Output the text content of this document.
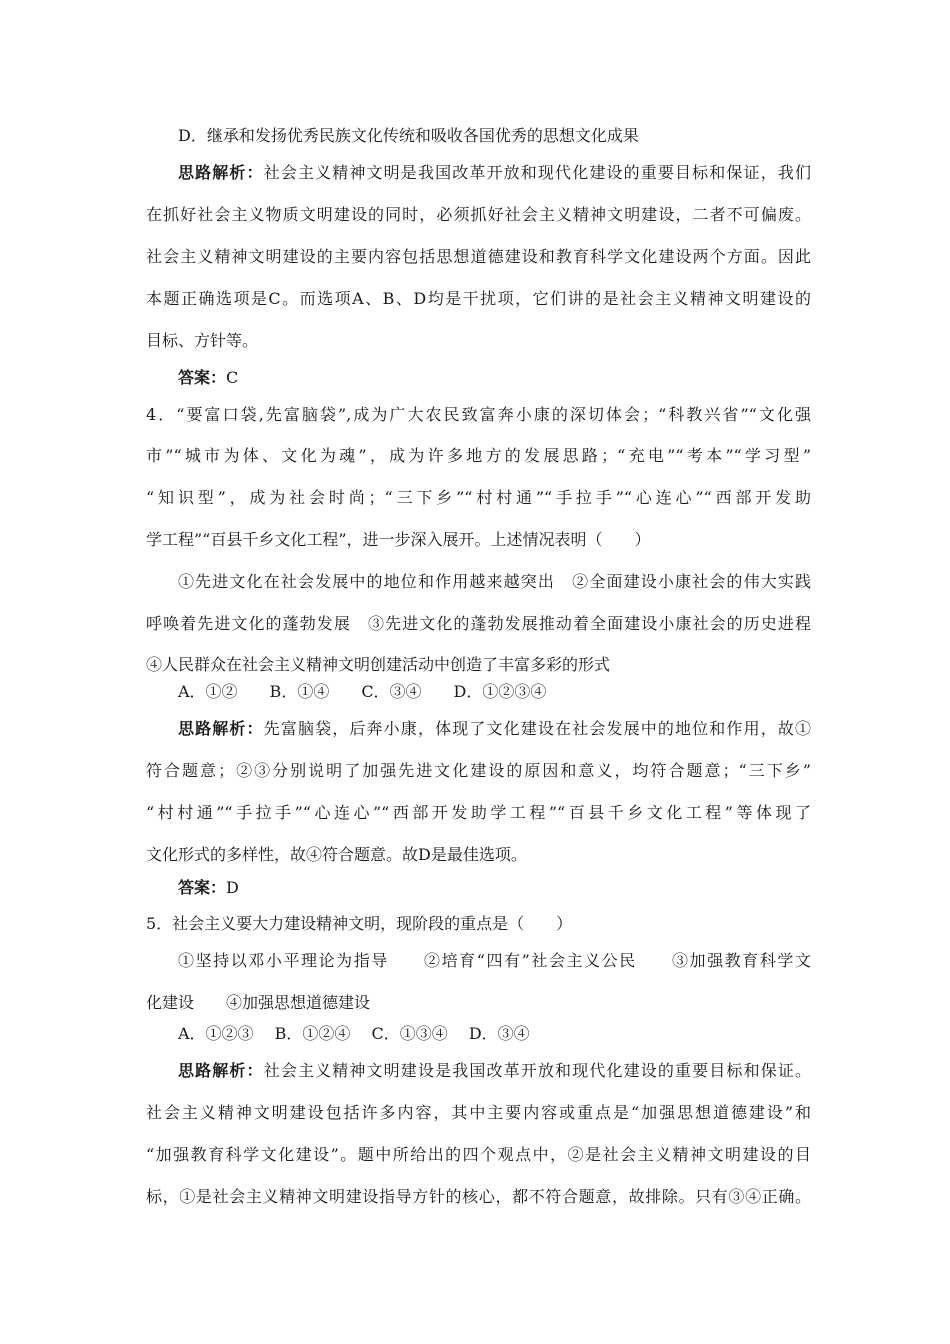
D．继承和发扬优秀民族文化传统和吸收各国优秀的思想文化成果
思路解析：社会主义精神文明是我国改革开放和现代化建设的重要目标和保证，我们
在抓好社会主义物质文明建设的同时，必须抓好社会主义精神文明建设，二者不可偏废。
社会主义精神文明建设的主要内容包括思想道德建设和教育科学文化建设两个方面。因此
本题正确选项是C。而选项A、B、D均是干扰项，它们讲的是社会主义精神文明建设的
目标、方针等。
答案：C
4．“要富口袋,先富脑袋”,成为广大农民致富奔小康的深切体会；“科教兴省”“文化强
市”“城市为体、文化为魂”，成为许多地方的发展思路；“充电”“考本”“学习型”
“知识型”，成为社会时尚；“三下乡”“村村通”“手拉手”“心连心”“西部开发助
学工程”“百县千乡文化工程”，进一步深入展开。上述情况表明（　　）
①先进文化在社会发展中的地位和作用越来越突出　②全面建设小康社会的伟大实践
呼唤着先进文化的蓬勃发展　③先进文化的蓬勃发展推动着全面建设小康社会的历史进程
④人民群众在社会主义精神文明创建活动中创造了丰富多彩的形式
A．①②　　B．①④　　C．③④　　D．①②③④
思路解析：先富脑袋，后奔小康，体现了文化建设在社会发展中的地位和作用，故①
符合题意；②③分别说明了加强先进文化建设的原因和意义，均符合题意；“三下乡”
“村村通”“手拉手”“心连心”“西部开发助学工程”“百县千乡文化工程”等体现了
文化形式的多样性，故④符合题意。故D是最佳选项。
答案：D
5．社会主义要大力建设精神文明，现阶段的重点是（　　）
①坚持以邓小平理论为指导　　②培育“四有”社会主义公民　　③加强教育科学文
化建设　　④加强思想道德建设
A．①②③　 B．①②④　 C．①③④　 D．③④
思路解析：社会主义精神文明建设是我国改革开放和现代化建设的重要目标和保证。
社会主义精神文明建设包括许多内容，其中主要内容或重点是“加强思想道德建设”和
“加强教育科学文化建设”。题中所给出的四个观点中，②是社会主义精神文明建设的目
标，①是社会主义精神文明建设指导方针的核心，都不符合题意，故排除。只有③④正确。
